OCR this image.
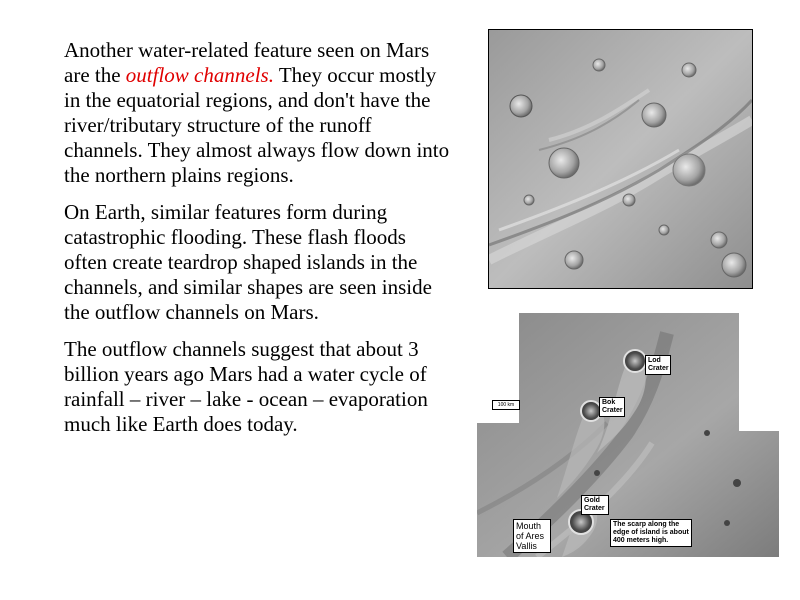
Another water-related feature seen on Mars are the outflow channels. They occur mostly in the equatorial regions, and don't have the river/tributary structure of the runoff channels. They almost always flow down into the northern plains regions.

On Earth, similar features form during catastrophic flooding. These flash floods often create teardrop shaped islands in the channels, and similar shapes are seen inside the outflow channels on Mars.

The outflow channels suggest that about 3 billion years ago Mars had a water cycle of rainfall – river – lake - ocean – evaporation much like Earth does today.

100 km
Lod Crater
Bok Crater
Gold Crater
Mouth of Ares Vallis
The scarp along the edge of island is about 400 meters high.
